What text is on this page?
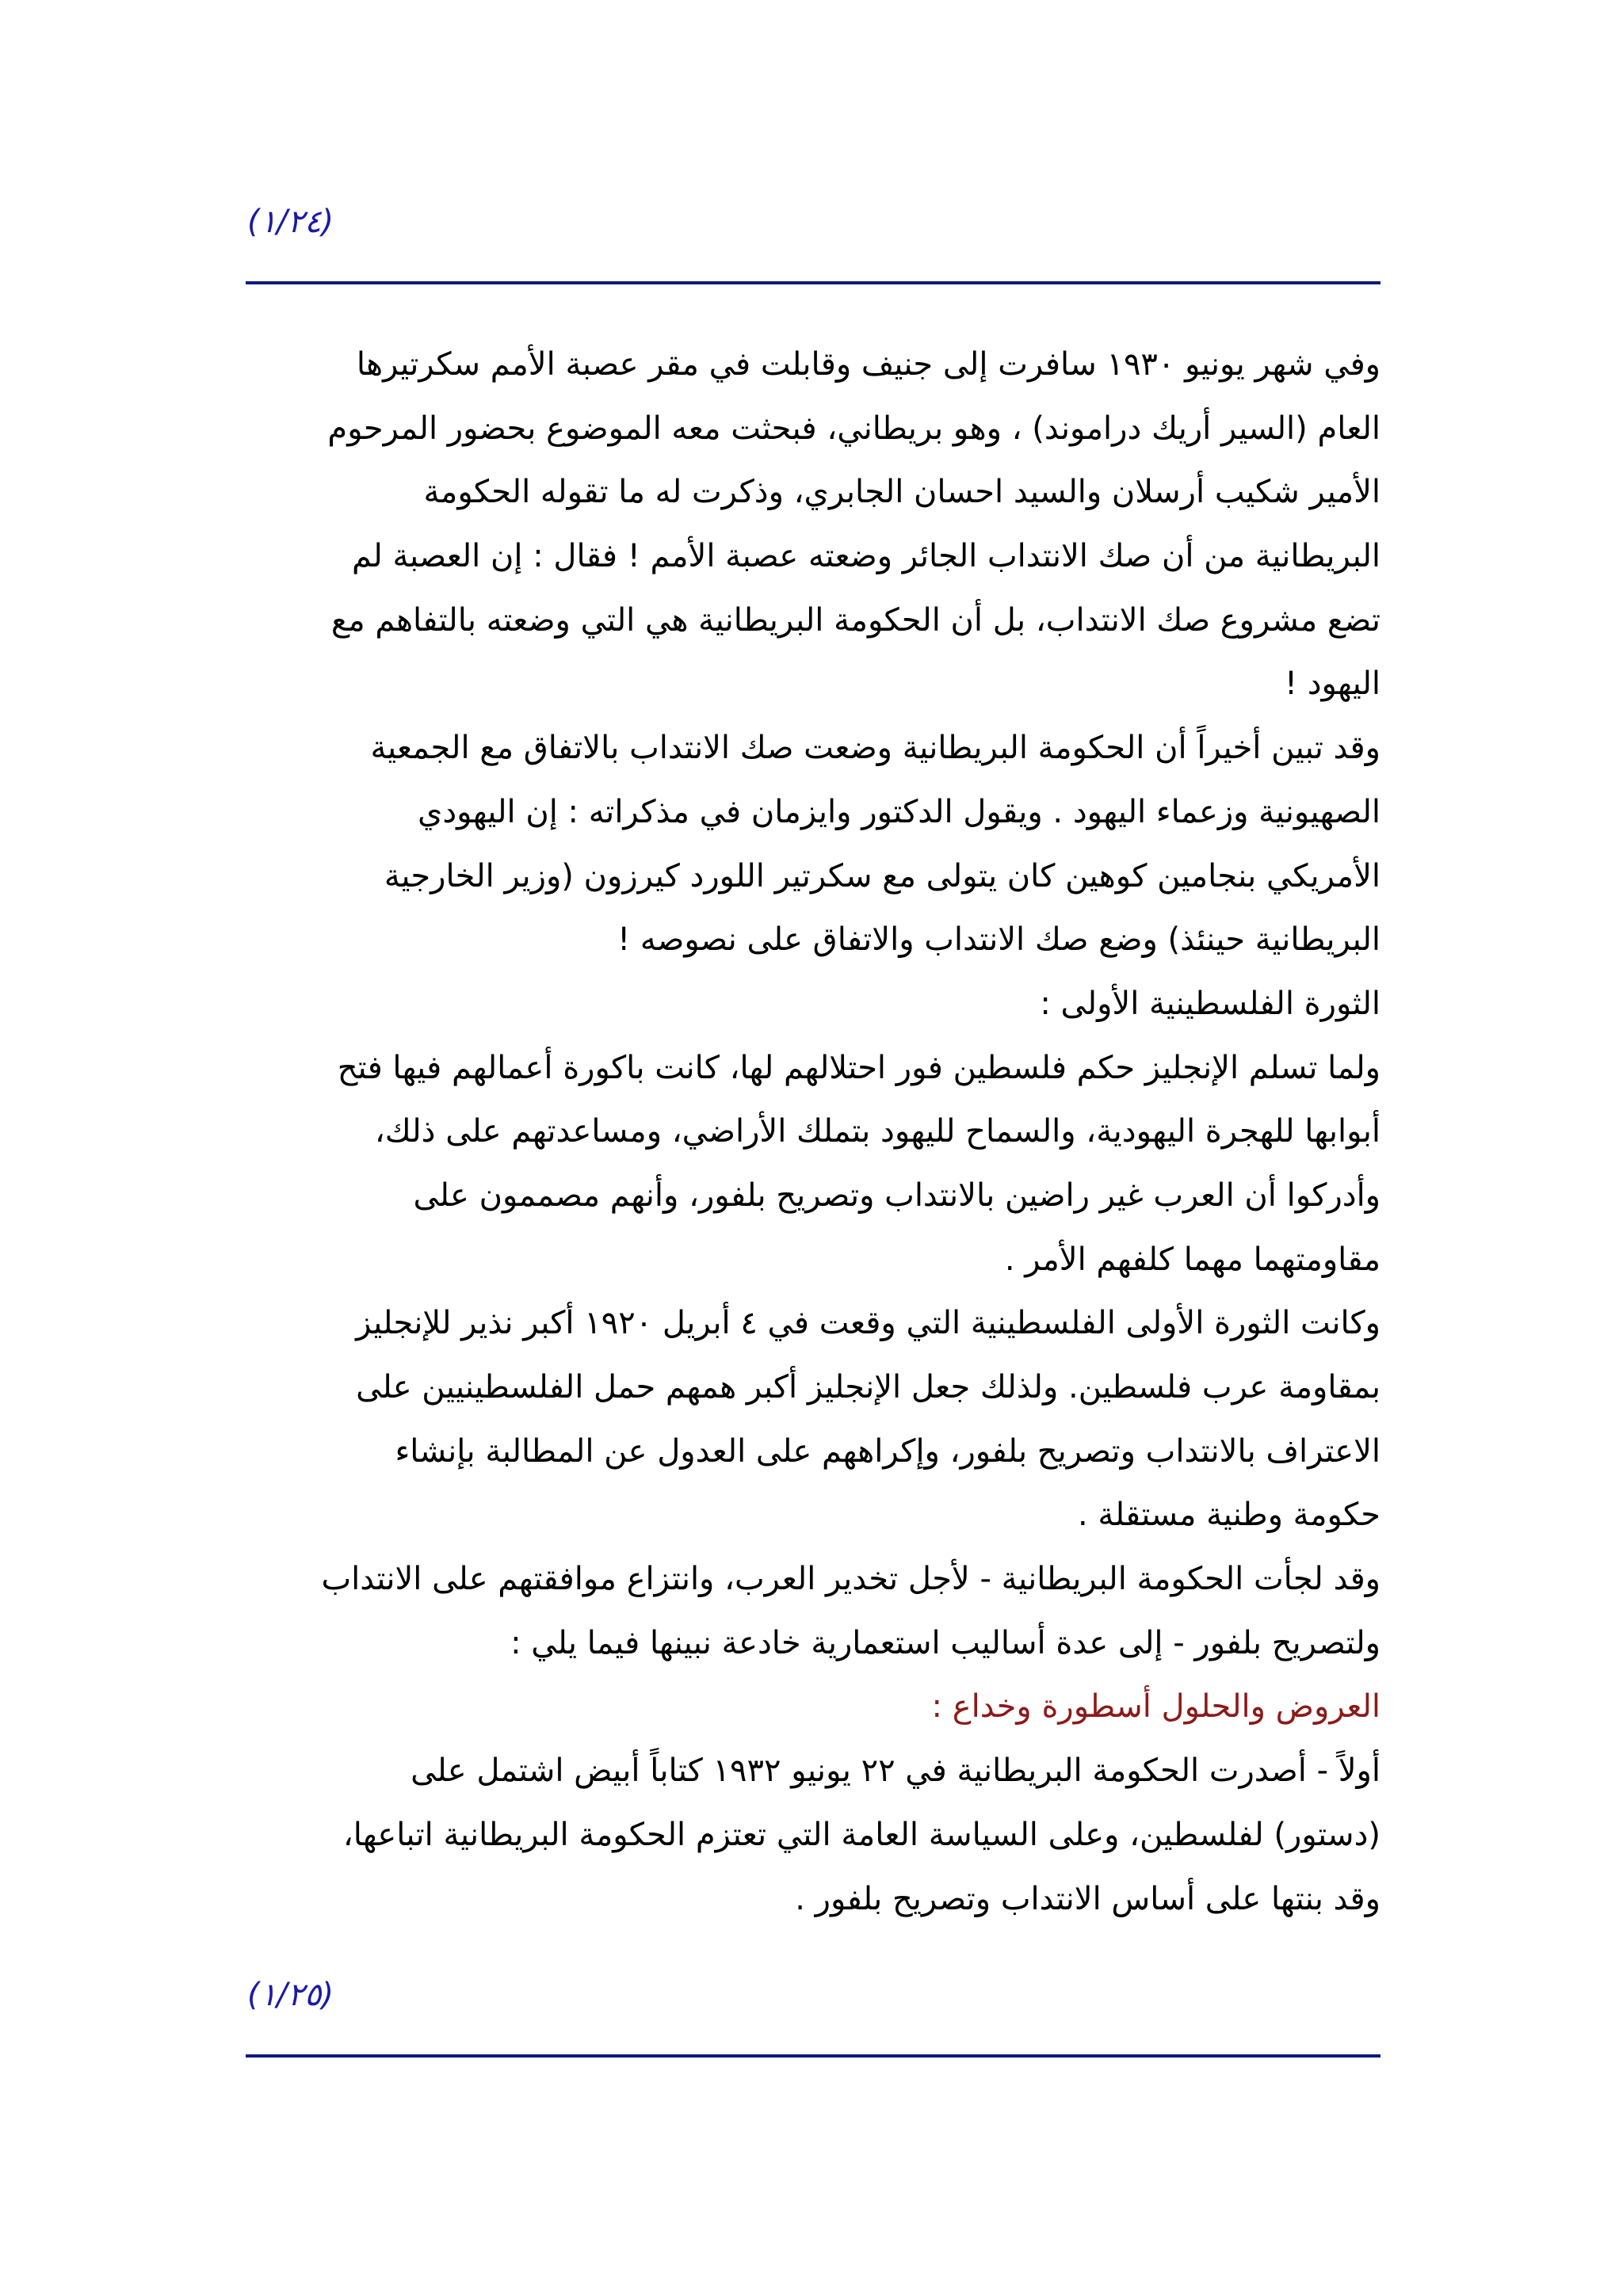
(١/٢٤)
وفي شهر يونيو ١٩٣٠ سافرت إلى جنيف وقابلت في مقر عصبة الأمم سكرتيرها
العام (السير أريك دراموند) ، وهو بريطاني، فبحثت معه الموضوع بحضور المرحوم
الأمير شكيب أرسلان والسيد احسان الجابري، وذكرت له ما تقوله الحكومة
البريطانية من أن صك الانتداب الجائر وضعته عصبة الأمم ! فقال : إن العصبة لم
تضع مشروع صك الانتداب، بل أن الحكومة البريطانية هي التي وضعته بالتفاهم مع
اليهود !
وقد تبين أخيراً أن الحكومة البريطانية وضعت صك الانتداب بالاتفاق مع الجمعية
الصهيونية وزعماء اليهود . ويقول الدكتور وايزمان في مذكراته : إن اليهودي
الأمريكي بنجامين كوهين كان يتولى مع سكرتير اللورد كيرزون (وزير الخارجية
البريطانية حينئذ) وضع صك الانتداب والاتفاق على نصوصه !
الثورة الفلسطينية الأولى :
ولما تسلم الإنجليز حكم فلسطين فور احتلالهم لها، كانت باكورة أعمالهم فيها فتح
أبوابها للهجرة اليهودية، والسماح لليهود بتملك الأراضي، ومساعدتهم على ذلك،
وأدركوا أن العرب غير راضين بالانتداب وتصريح بلفور، وأنهم مصممون على
مقاومتهما مهما كلفهم الأمر .
وكانت الثورة الأولى الفلسطينية التي وقعت في ٤ أبريل ١٩٢٠ أكبر نذير للإنجليز
بمقاومة عرب فلسطين. ولذلك جعل الإنجليز أكبر همهم حمل الفلسطينيين على
الاعتراف بالانتداب وتصريح بلفور، وإكراههم على العدول عن المطالبة بإنشاء
حكومة وطنية مستقلة .
وقد لجأت الحكومة البريطانية - لأجل تخدير العرب، وانتزاع موافقتهم على الانتداب
ولتصريح بلفور - إلى عدة أساليب استعمارية خادعة نبينها فيما يلي :
العروض والحلول أسطورة وخداع :
أولاً - أصدرت الحكومة البريطانية في ٢٢ يونيو ١٩٣٢ كتاباً أبيض اشتمل على
(دستور) لفلسطين، وعلى السياسة العامة التي تعتزم الحكومة البريطانية اتباعها،
وقد بنتها على أساس الانتداب وتصريح بلفور .
(١/٢٥)
